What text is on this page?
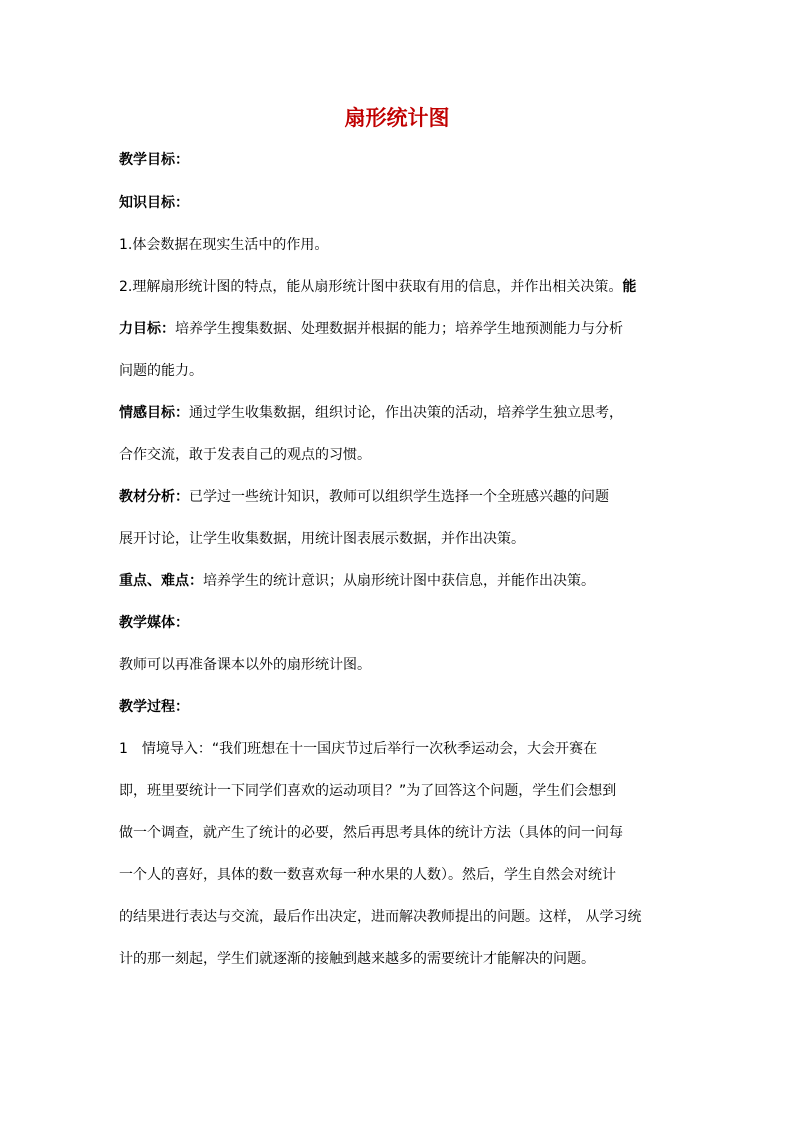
扇形统计图

教学目标：

知识目标：

1.体会数据在现实生活中的作用。

2.理解扇形统计图的特点，能从扇形统计图中获取有用的信息，并作出相关决策。能

力目标：培养学生搜集数据、处理数据并根据的能力；培养学生地预测能力与分析

问题的能力。

情感目标：通过学生收集数据，组织讨论，作出决策的活动，培养学生独立思考，

合作交流，敢于发表自己的观点的习惯。

教材分析：已学过一些统计知识，教师可以组织学生选择一个全班感兴趣的问题

展开讨论，让学生收集数据，用统计图表展示数据，并作出决策。

重点、难点：培养学生的统计意识；从扇形统计图中获信息，并能作出决策。

教学媒体：

教师可以再准备课本以外的扇形统计图。

教学过程：

1　情境导入：“我们班想在十一国庆节过后举行一次秋季运动会，大会开赛在

即，班里要统计一下同学们喜欢的运动项目？”为了回答这个问题，学生们会想到

做一个调查，就产生了统计的必要，然后再思考具体的统计方法（具体的问一问每

一个人的喜好，具体的数一数喜欢每一种水果的人数）。然后，学生自然会对统计

的结果进行表达与交流，最后作出决定，进而解决教师提出的问题。这样， 从学习统

计的那一刻起，学生们就逐渐的接触到越来越多的需要统计才能解决的问题。
